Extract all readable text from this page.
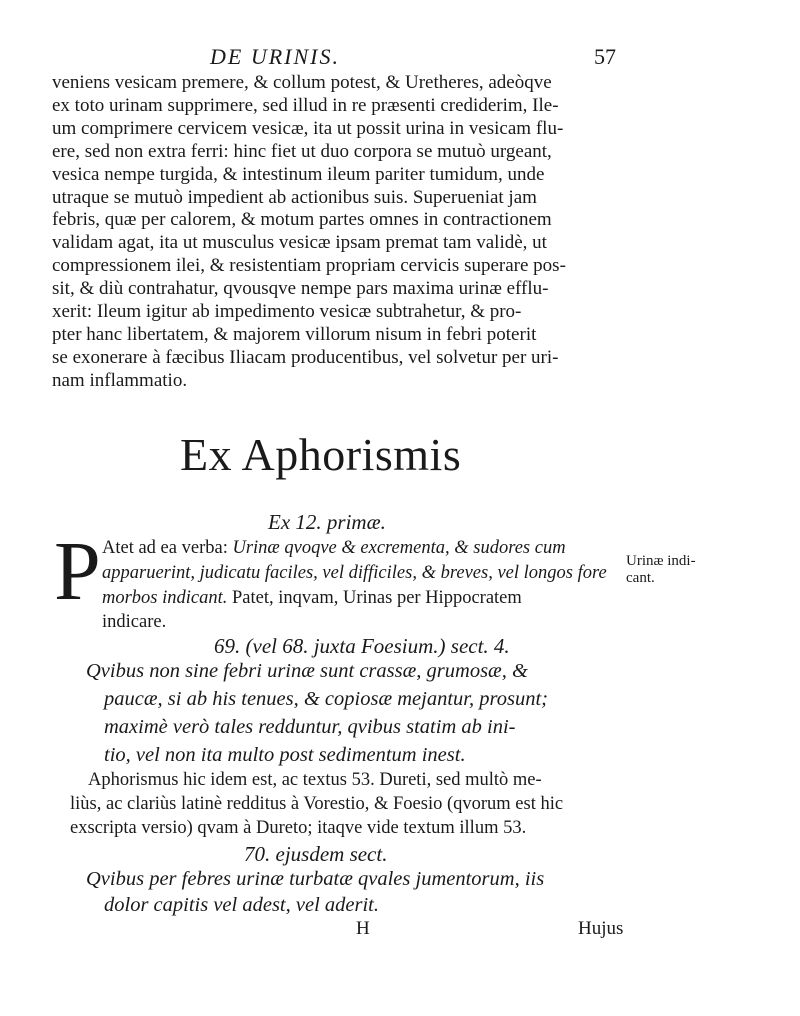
DE URINIS.	57
veniens vesicam premere, & collum potest, & Uretheres, adeòqve
ex toto urinam supprimere, sed illud in re præsenti crediderim, Ile-
um comprimere cervicem vesicæ, ita ut possit urina in vesicam flu-
ere, sed non extra ferri: hinc fiet ut duo corpora se mutuò urgeant,
vesica nempe turgida, & intestinum ileum pariter tumidum, unde
utraque se mutuò impedient ab actionibus suis. Superueniat jam
febris, quæ per calorem, & motum partes omnes in contractionem
validam agat, ita ut musculus vesicæ ipsam premat tam validè, ut
compressionem ilei, & resistentiam propriam cervicis superare pos-
sit, & diù contrahatur, qvousqve nempe pars maxima urinæ efflu-
xerit: Ileum igitur ab impedimento vesicæ subtrahetur, & pro-
pter hanc libertatem, & majorem villorum nisum in febri poterit
se exonerare à fæcibus Iliacam producentibus, vel solvetur per uri-
nam inflammatio.
Ex Aphorismis
Ex 12. primæ.
P Atet ad ea verba: Urinæ qvoqve & excrementa, & sudores cum
apparuerint, judicatu faciles, vel difficiles, & breves, vel longos fore
morbos indicant. Patet, inqvam, Urinas per Hippocratem
indicare.
Urinæ indi-
cant.
69. (vel 68. juxta Foesium.) sect. 4.
Qvibus non sine febri urinæ sunt crassæ, grumosæ, &
paucæ, si ab his tenues, & copiosæ mejantur, prosunt;
maximè verò tales redduntur, qvibus statim ab ini-
tio, vel non ita multo post sedimentum inest.
Aphorismus hic idem est, ac textus 53. Dureti, sed multò me-
liùs, ac clariùs latinè redditus à Vorestio, & Foesio (qvorum est hic
exscripta versio) qvam à Dureto; itaqve vide textum illum 53.
70. ejusdem sect.
Qvibus per febres urinæ turbatæ qvales jumentorum, iis
dolor capitis vel adest, vel aderit.
H	Hujus
